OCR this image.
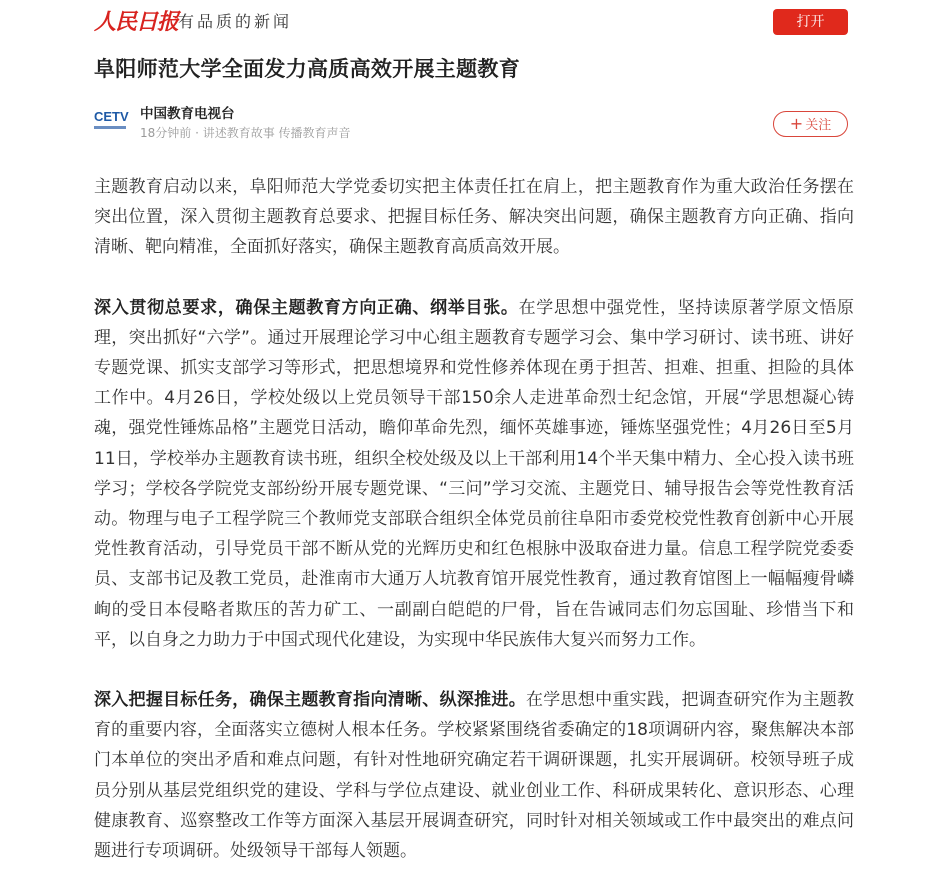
人民日报 有品质的新闻	打开
阜阳师范大学全面发力高质高效开展主题教育
CETV 中国教育电视台
18分钟前 · 讲述教育故事 传播教育声音	+ 关注

主题教育启动以来，阜阳师范大学党委切实把主体责任扛在肩上，把主题教育作为重大政治任务摆在突出位置，深入贯彻主题教育总要求、把握目标任务、解决突出问题，确保主题教育方向正确、指向清晰、靶向精准，全面抓好落实，确保主题教育高质高效开展。

深入贯彻总要求，确保主题教育方向正确、纲举目张。在学思想中强党性，坚持读原著学原文悟原理，突出抓好“六学”。通过开展理论学习中心组主题教育专题学习会、集中学习研讨、读书班、讲好专题党课、抓实支部学习等形式，把思想境界和党性修养体现在勇于担苦、担难、担重、担险的具体工作中。4月26日，学校处级以上党员领导干部150余人走进革命烈士纪念馆，开展“学思想凝心铸魂，强党性锤炼品格”主题党日活动，瞻仰革命先烈，缅怀英雄事迹，锤炼坚强党性；4月26日至5月11日，学校举办主题教育读书班，组织全校处级及以上干部利用14个半天集中精力、全心投入读书班学习；学校各学院党支部纷纷开展专题党课、“三问”学习交流、主题党日、辅导报告会等党性教育活动。物理与电子工程学院三个教师党支部联合组织全体党员前往阜阳市委党校党性教育创新中心开展党性教育活动，引导党员干部不断从党的光辉历史和红色根脉中汲取奋进力量。信息工程学院党委委员、支部书记及教工党员，赴淮南市大通万人坑教育馆开展党性教育，通过教育馆图上一幅幅瘦骨嶙峋的受日本侵略者欺压的苦力矿工、一副副白皑皑的尸骨，旨在告诫同志们勿忘国耻、珍惜当下和平，以自身之力助力于中国式现代化建设，为实现中华民族伟大复兴而努力工作。

深入把握目标任务，确保主题教育指向清晰、纵深推进。在学思想中重实践，把调查研究作为主题教育的重要内容，全面落实立德树人根本任务。学校紧紧围绕省委确定的18项调研内容，聚焦解决本部门本单位的突出矛盾和难点问题，有针对性地研究确定若干调研课题，扎实开展调研。校领导班子成员分别从基层党组织党的建设、学科与学位点建设、就业创业工作、科研成果转化、意识形态、心理健康教育、巡察整改工作等方面深入基层开展调查研究，同时针对相关领域或工作中最突出的难点问题进行专项调研。处级领导干部每人领题。
